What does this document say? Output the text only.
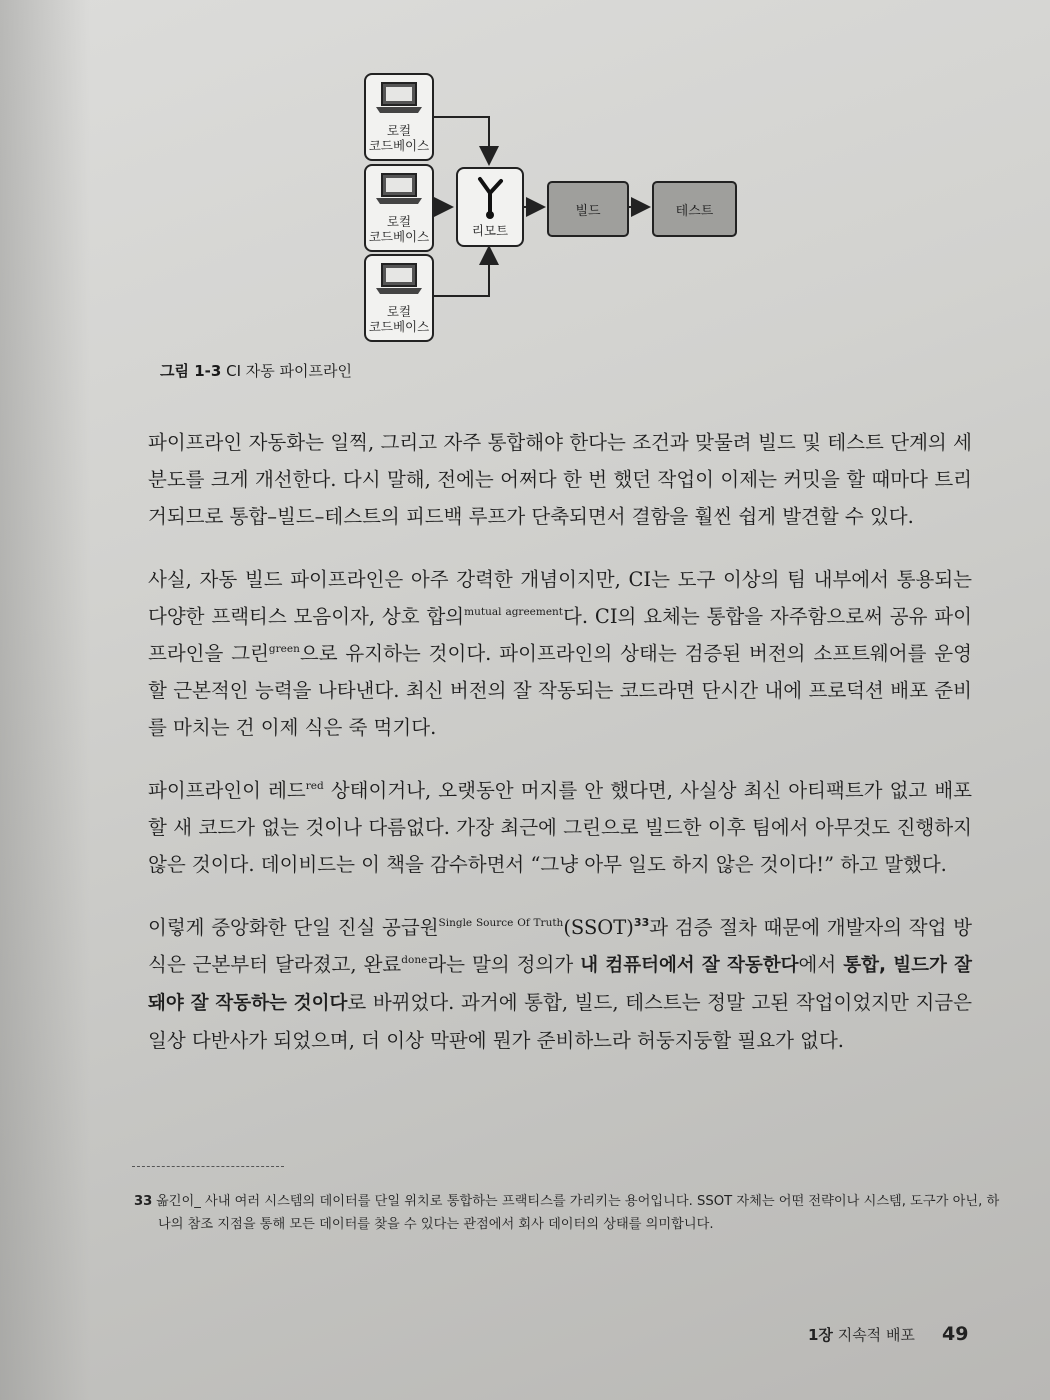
로컬
코드베이스
로컬
코드베이스
로컬
코드베이스
리모트
빌드	테스트
그림 1-3 CI 자동 파이프라인

파이프라인 자동화는 일찍, 그리고 자주 통합해야 한다는 조건과 맞물려 빌드 및 테스트 단계의 세분도를 크게 개선한다. 다시 말해, 전에는 어쩌다 한 번 했던 작업이 이제는 커밋을 할 때마다 트리거되므로 통합–빌드–테스트의 피드백 루프가 단축되면서 결함을 훨씬 쉽게 발견할 수 있다.

사실, 자동 빌드 파이프라인은 아주 강력한 개념이지만, CI는 도구 이상의 팀 내부에서 통용되는 다양한 프랙티스 모음이자, 상호 합의$^{mutual agreement}$다. CI의 요체는 통합을 자주함으로써 공유 파이프라인을 그린$^{green}$으로 유지하는 것이다. 파이프라인의 상태는 검증된 버전의 소프트웨어를 운영할 근본적인 능력을 나타낸다. 최신 버전의 잘 작동되는 코드라면 단시간 내에 프로덕션 배포 준비를 마치는 건 이제 식은 죽 먹기다.

파이프라인이 레드$^{red}$ 상태이거나, 오랫동안 머지를 안 했다면, 사실상 최신 아티팩트가 없고 배포할 새 코드가 없는 것이나 다름없다. 가장 최근에 그린으로 빌드한 이후 팀에서 아무것도 진행하지 않은 것이다. 데이비드는 이 책을 감수하면서 “그냥 아무 일도 하지 않은 것이다!” 하고 말했다.

이렇게 중앙화한 단일 진실 공급원$^{Single Source Of Truth}$(SSOT)$^{33}$과 검증 절차 때문에 개발자의 작업 방식은 근본부터 달라졌고, 완료$^{done}$라는 말의 정의가 내 컴퓨터에서 잘 작동한다에서 통합, 빌드가 잘 돼야 잘 작동하는 것이다로 바뀌었다. 과거에 통합, 빌드, 테스트는 정말 고된 작업이었지만 지금은 일상 다반사가 되었으며, 더 이상 막판에 뭔가 준비하느라 허둥지둥할 필요가 없다.

33 옮긴이_ 사내 여러 시스템의 데이터를 단일 위치로 통합하는 프랙티스를 가리키는 용어입니다. SSOT 자체는 어떤 전략이나 시스템, 도구가 아닌, 하나의 참조 지점을 통해 모든 데이터를 찾을 수 있다는 관점에서 회사 데이터의 상태를 의미합니다.
1장 지속적 배포 49
